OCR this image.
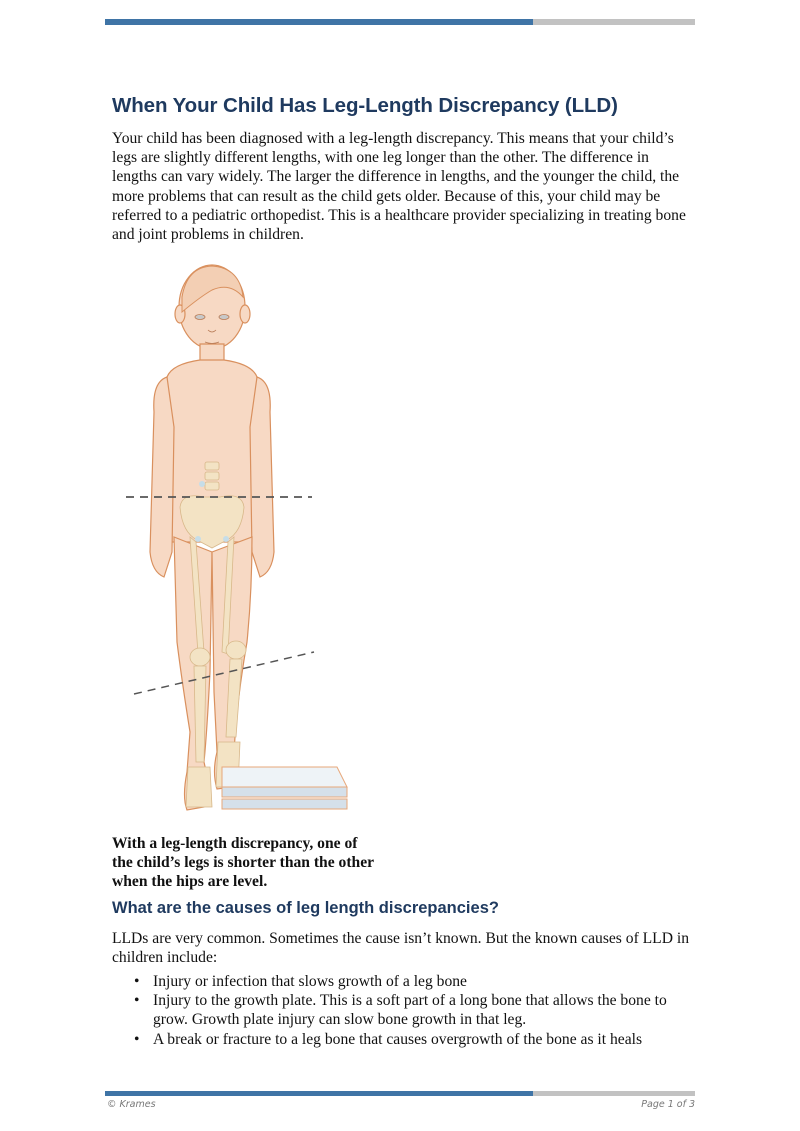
When Your Child Has Leg-Length Discrepancy (LLD)

Your child has been diagnosed with a leg-length discrepancy. This means that your child’s legs are slightly different lengths, with one leg longer than the other. The difference in lengths can vary widely. The larger the difference in lengths, and the younger the child, the more problems that can result as the child gets older. Because of this, your child may be referred to a pediatric orthopedist. This is a healthcare provider specializing in treating bone and joint problems in children.

With a leg-length discrepancy, one of the child’s legs is shorter than the other when the hips are level.

What are the causes of leg length discrepancies?

LLDs are very common. Sometimes the cause isn’t known. But the known causes of LLD in children include:

• Injury or infection that slows growth of a leg bone
• Injury to the growth plate. This is a soft part of a long bone that allows the bone to grow. Growth plate injury can slow bone growth in that leg.
• A break or fracture to a leg bone that causes overgrowth of the bone as it heals
© Krames	Page 1 of 3
